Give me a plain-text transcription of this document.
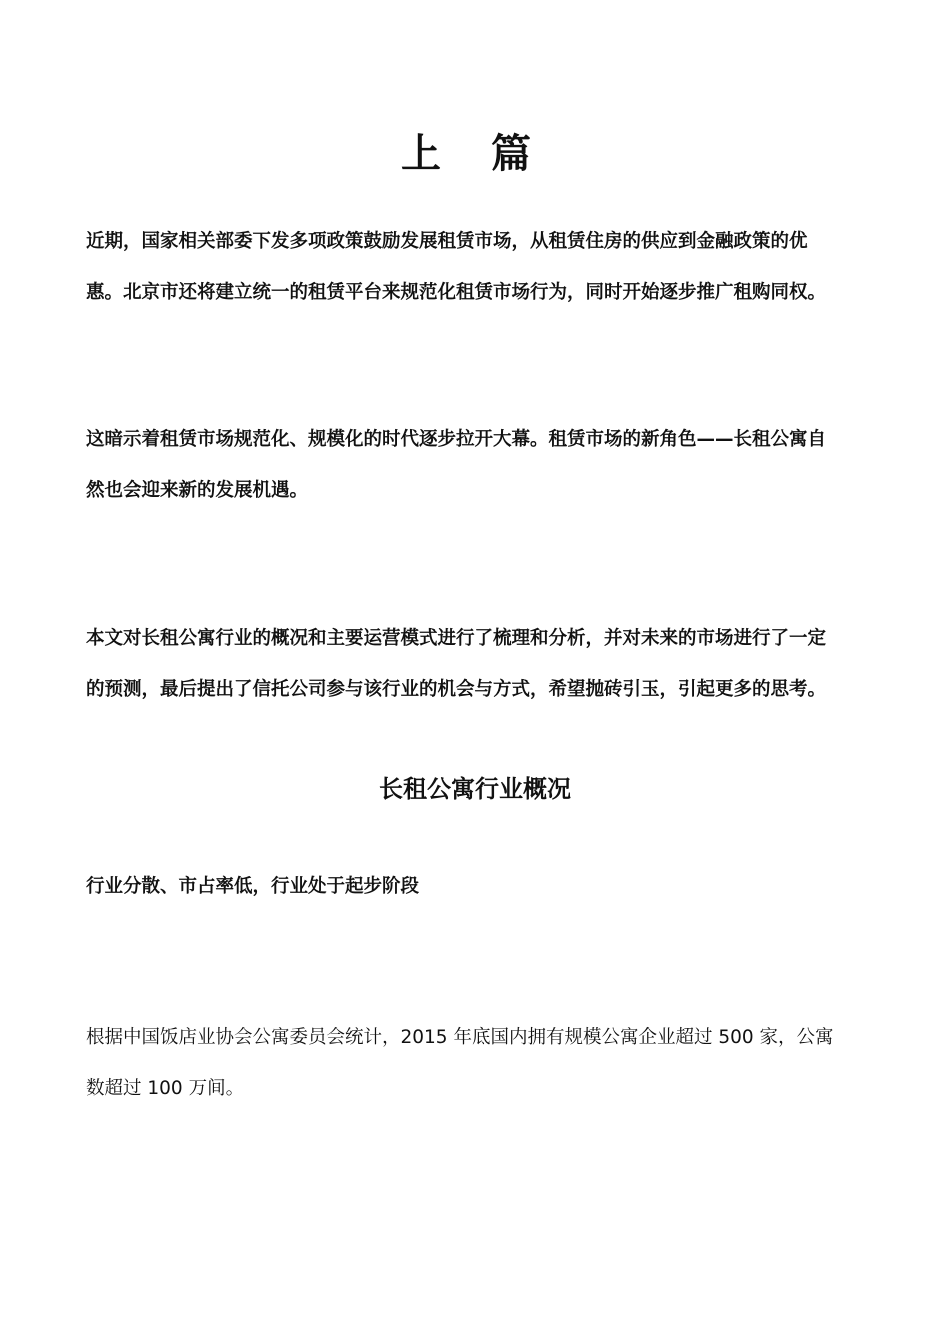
上 篇

近期，国家相关部委下发多项政策鼓励发展租赁市场，从租赁住房的供应到金融政策的优
惠。北京市还将建立统一的租赁平台来规范化租赁市场行为，同时开始逐步推广租购同权。

这暗示着租赁市场规范化、规模化的时代逐步拉开大幕。租赁市场的新角色——长租公寓自
然也会迎来新的发展机遇。

本文对长租公寓行业的概况和主要运营模式进行了梳理和分析，并对未来的市场进行了一定
的预测，最后提出了信托公司参与该行业的机会与方式，希望抛砖引玉，引起更多的思考。

长租公寓行业概况
行业分散、市占率低，行业处于起步阶段

根据中国饭店业协会公寓委员会统计，2015 年底国内拥有规模公寓企业超过 500 家，公寓
数超过 100 万间。
